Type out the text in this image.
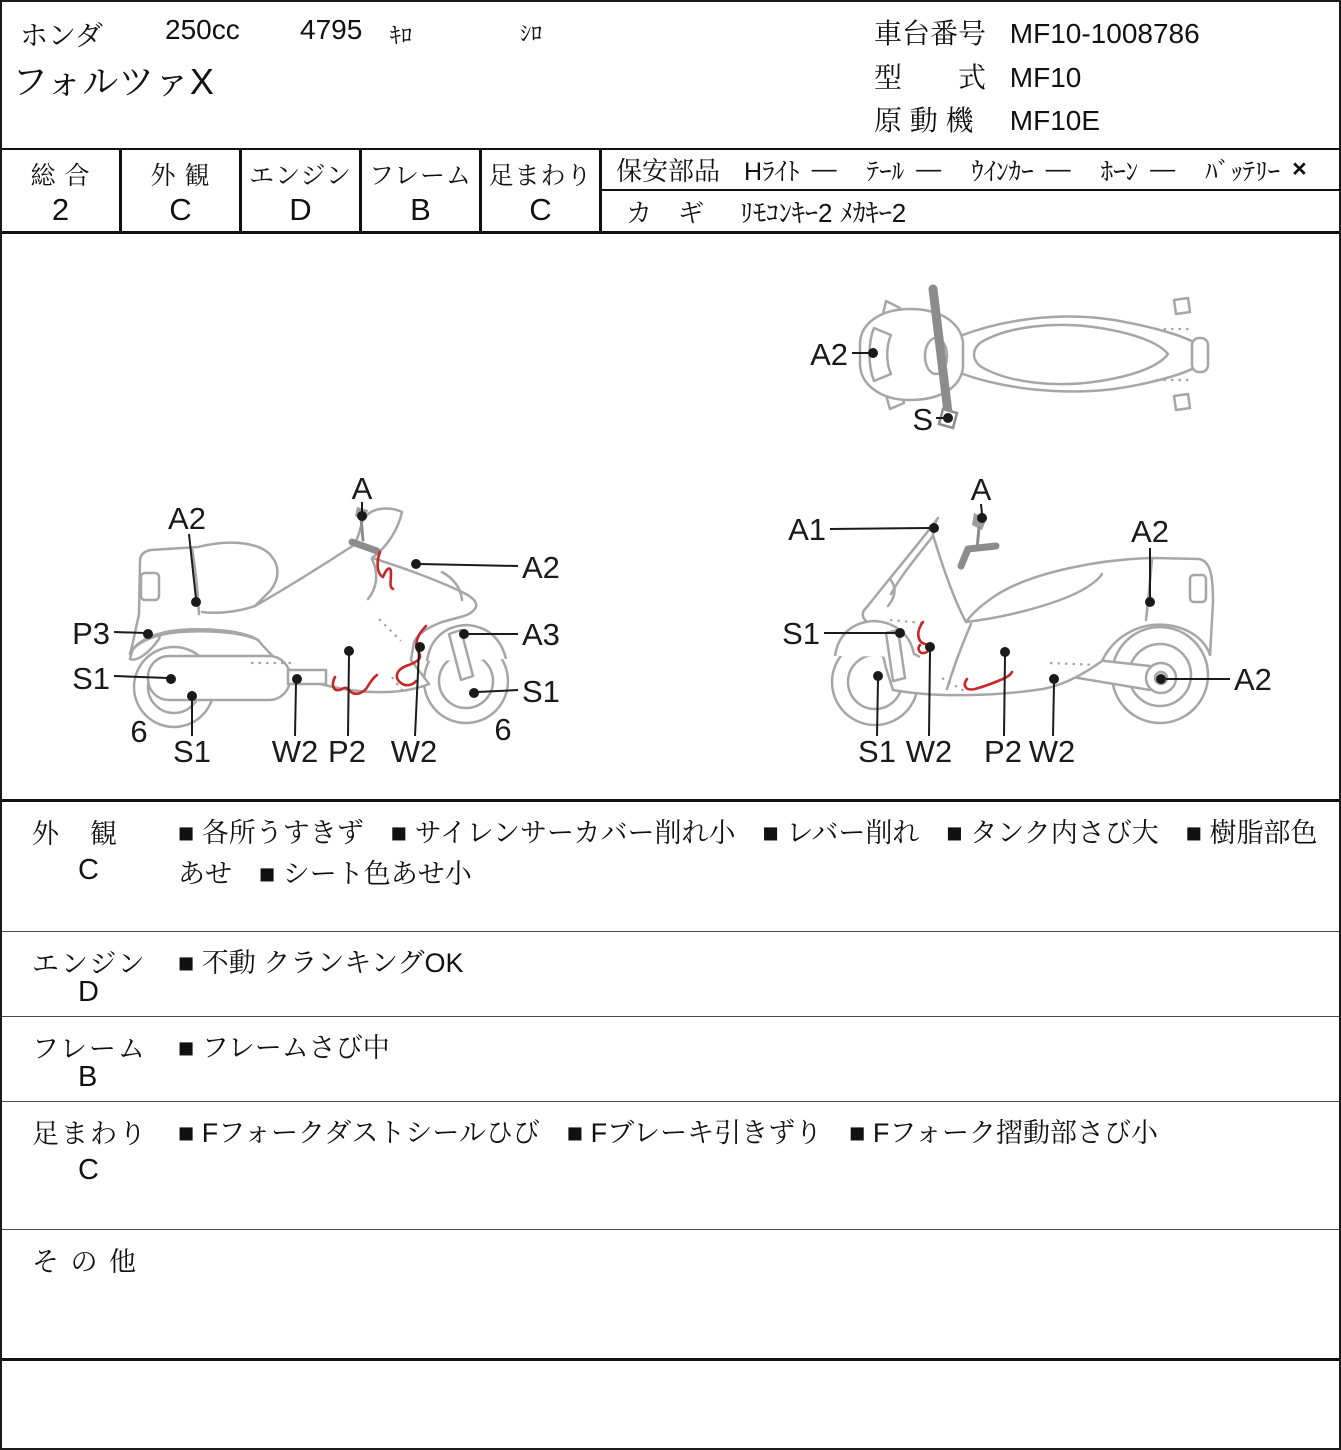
ホンダ 250cc 4795 ｷﾛ	ｼﾛ
フォルツァX
車台番号 MF10-1008786
型　　式 MF10
原 動 機 MF10E
総 合
2
外 観
C
エンジン
D
フレーム
B
足まわり
C
保安部品 Hﾗｲﾄ ― ﾃｰﾙ ― ｳｲﾝｶｰ ― ﾎｰﾝ ― ﾊﾞｯﾃﾘｰ ×
カ　ギ ﾘﾓｺﾝｷｰ2 ﾒｶｷｰ2
A2
S
A
A2
A2
P3	A3
S1	S1
6	6
S1 W2 P2 W2
A
A1	A2
S1
A2
S1 W2 P2 W2
外　観
C
■ 各所うすきず　■ サイレンサーカバー削れ小　■ レバー削れ　■ タンク内さび大　■ 樹脂部色あせ　■ シート色あせ小
エンジン
D
■ 不動 クランキングOK
フレーム
B
■ フレームさび中
足まわり
C
■ Fフォークダストシールひび　■ Fブレーキ引きずり　■ Fフォーク摺動部さび小
そ の 他
